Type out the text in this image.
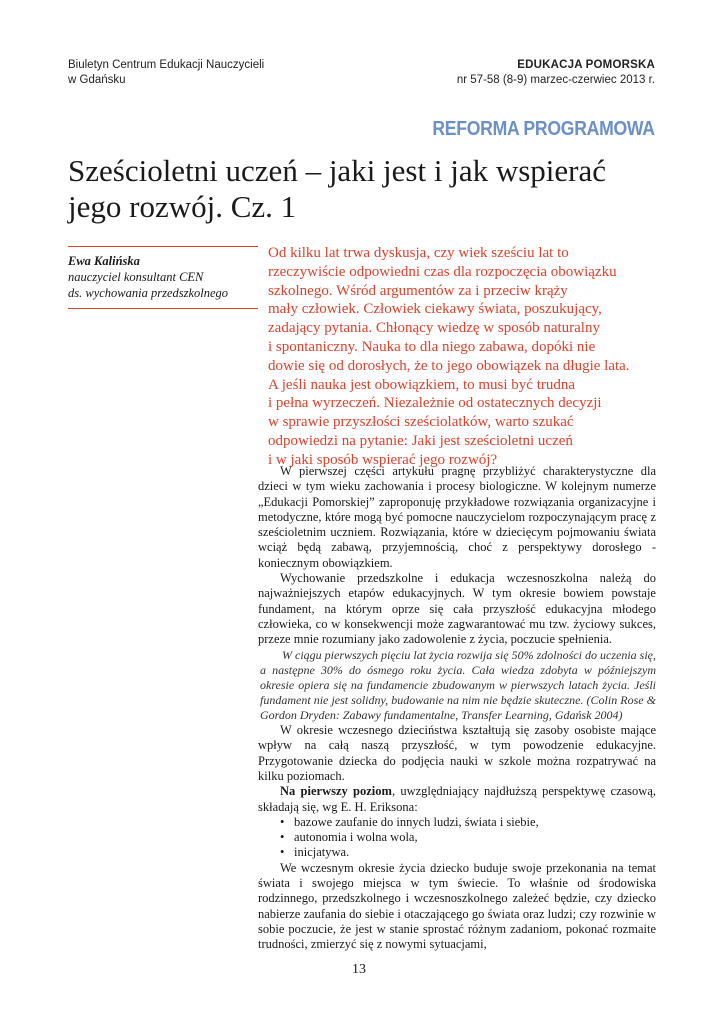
Biuletyn Centrum Edukacji Nauczycieli
w Gdańsku
EDUKACJA POMORSKA
nr 57-58 (8-9) marzec-czerwiec 2013 r.
REFORMA PROGRAMOWA
Sześcioletni uczeń – jaki jest i jak wspierać
jego rozwój. Cz. 1
Ewa Kalińska
nauczyciel konsultant CEN
ds. wychowania przedszkolnego
Od kilku lat trwa dyskusja, czy wiek sześciu lat to
rzeczywiście odpowiedni czas dla rozpoczęcia obowiązku
szkolnego. Wśród argumentów za i przeciw krąży
mały człowiek. Człowiek ciekawy świata, poszukujący,
zadający pytania. Chłonący wiedzę w sposób naturalny
i spontaniczny. Nauka to dla niego zabawa, dopóki nie
dowie się od dorosłych, że to jego obowiązek na długie lata.
A jeśli nauka jest obowiązkiem, to musi być trudna
i pełna wyrzeczeń. Niezależnie od ostatecznych decyzji
w sprawie przyszłości sześciolatków, warto szukać
odpowiedzi na pytanie: Jaki jest sześcioletni uczeń
i w jaki sposób wspierać jego rozwój?

W pierwszej części artykułu pragnę przybliżyć charakterystyczne dla dzieci w tym wieku zachowania i procesy biologiczne. W kolejnym numerze „Edukacji Pomorskiej” zaproponuję przykładowe rozwiązania organizacyjne i metodyczne, które mogą być pomocne nauczycielom rozpoczynającym pracę z sześcioletnim uczniem. Rozwiązania, które w dziecięcym pojmowaniu świata wciąż będą zabawą, przyjemnością, choć z perspektywy dorosłego - koniecznym obowiązkiem.

Wychowanie przedszkolne i edukacja wczesnoszkolna należą do najważniejszych etapów edukacyjnych. W tym okresie bowiem powstaje fundament, na którym oprze się cała przyszłość edukacyjna młodego człowieka, co w konsekwencji może zagwarantować mu tzw. życiowy sukces, przeze mnie rozumiany jako zadowolenie z życia, poczucie spełnienia.

W ciągu pierwszych pięciu lat życia rozwija się 50% zdolności do uczenia się, a następne 30% do ósmego roku życia. Cała wiedza zdobyta w późniejszym okresie opiera się na fundamencie zbudowanym w pierwszych latach życia. Jeśli fundament nie jest solidny, budowanie na nim nie będzie skuteczne. (Colin Rose & Gordon Dryden: Zabawy fundamentalne, Transfer Learning, Gdańsk 2004)

W okresie wczesnego dzieciństwa kształtują się zasoby osobiste mające wpływ na całą naszą przyszłość, w tym powodzenie edukacyjne. Przygotowanie dziecka do podjęcia nauki w szkole można rozpatrywać na kilku poziomach.

Na pierwszy poziom, uwzględniający najdłuższą perspektywę czasową, składają się, wg E. H. Eriksona:

• bazowe zaufanie do innych ludzi, świata i siebie,
• autonomia i wolna wola,
• inicjatywa.

We wczesnym okresie życia dziecko buduje swoje przekonania na temat świata i swojego miejsca w tym świecie. To właśnie od środowiska rodzinnego, przedszkolnego i wczesnoszkolnego zależeć będzie, czy dziecko nabierze zaufania do siebie i otaczającego go świata oraz ludzi; czy rozwinie w sobie poczucie, że jest w stanie sprostać różnym zadaniom, pokonać rozmaite trudności, zmierzyć się z nowymi sytuacjami,

13
